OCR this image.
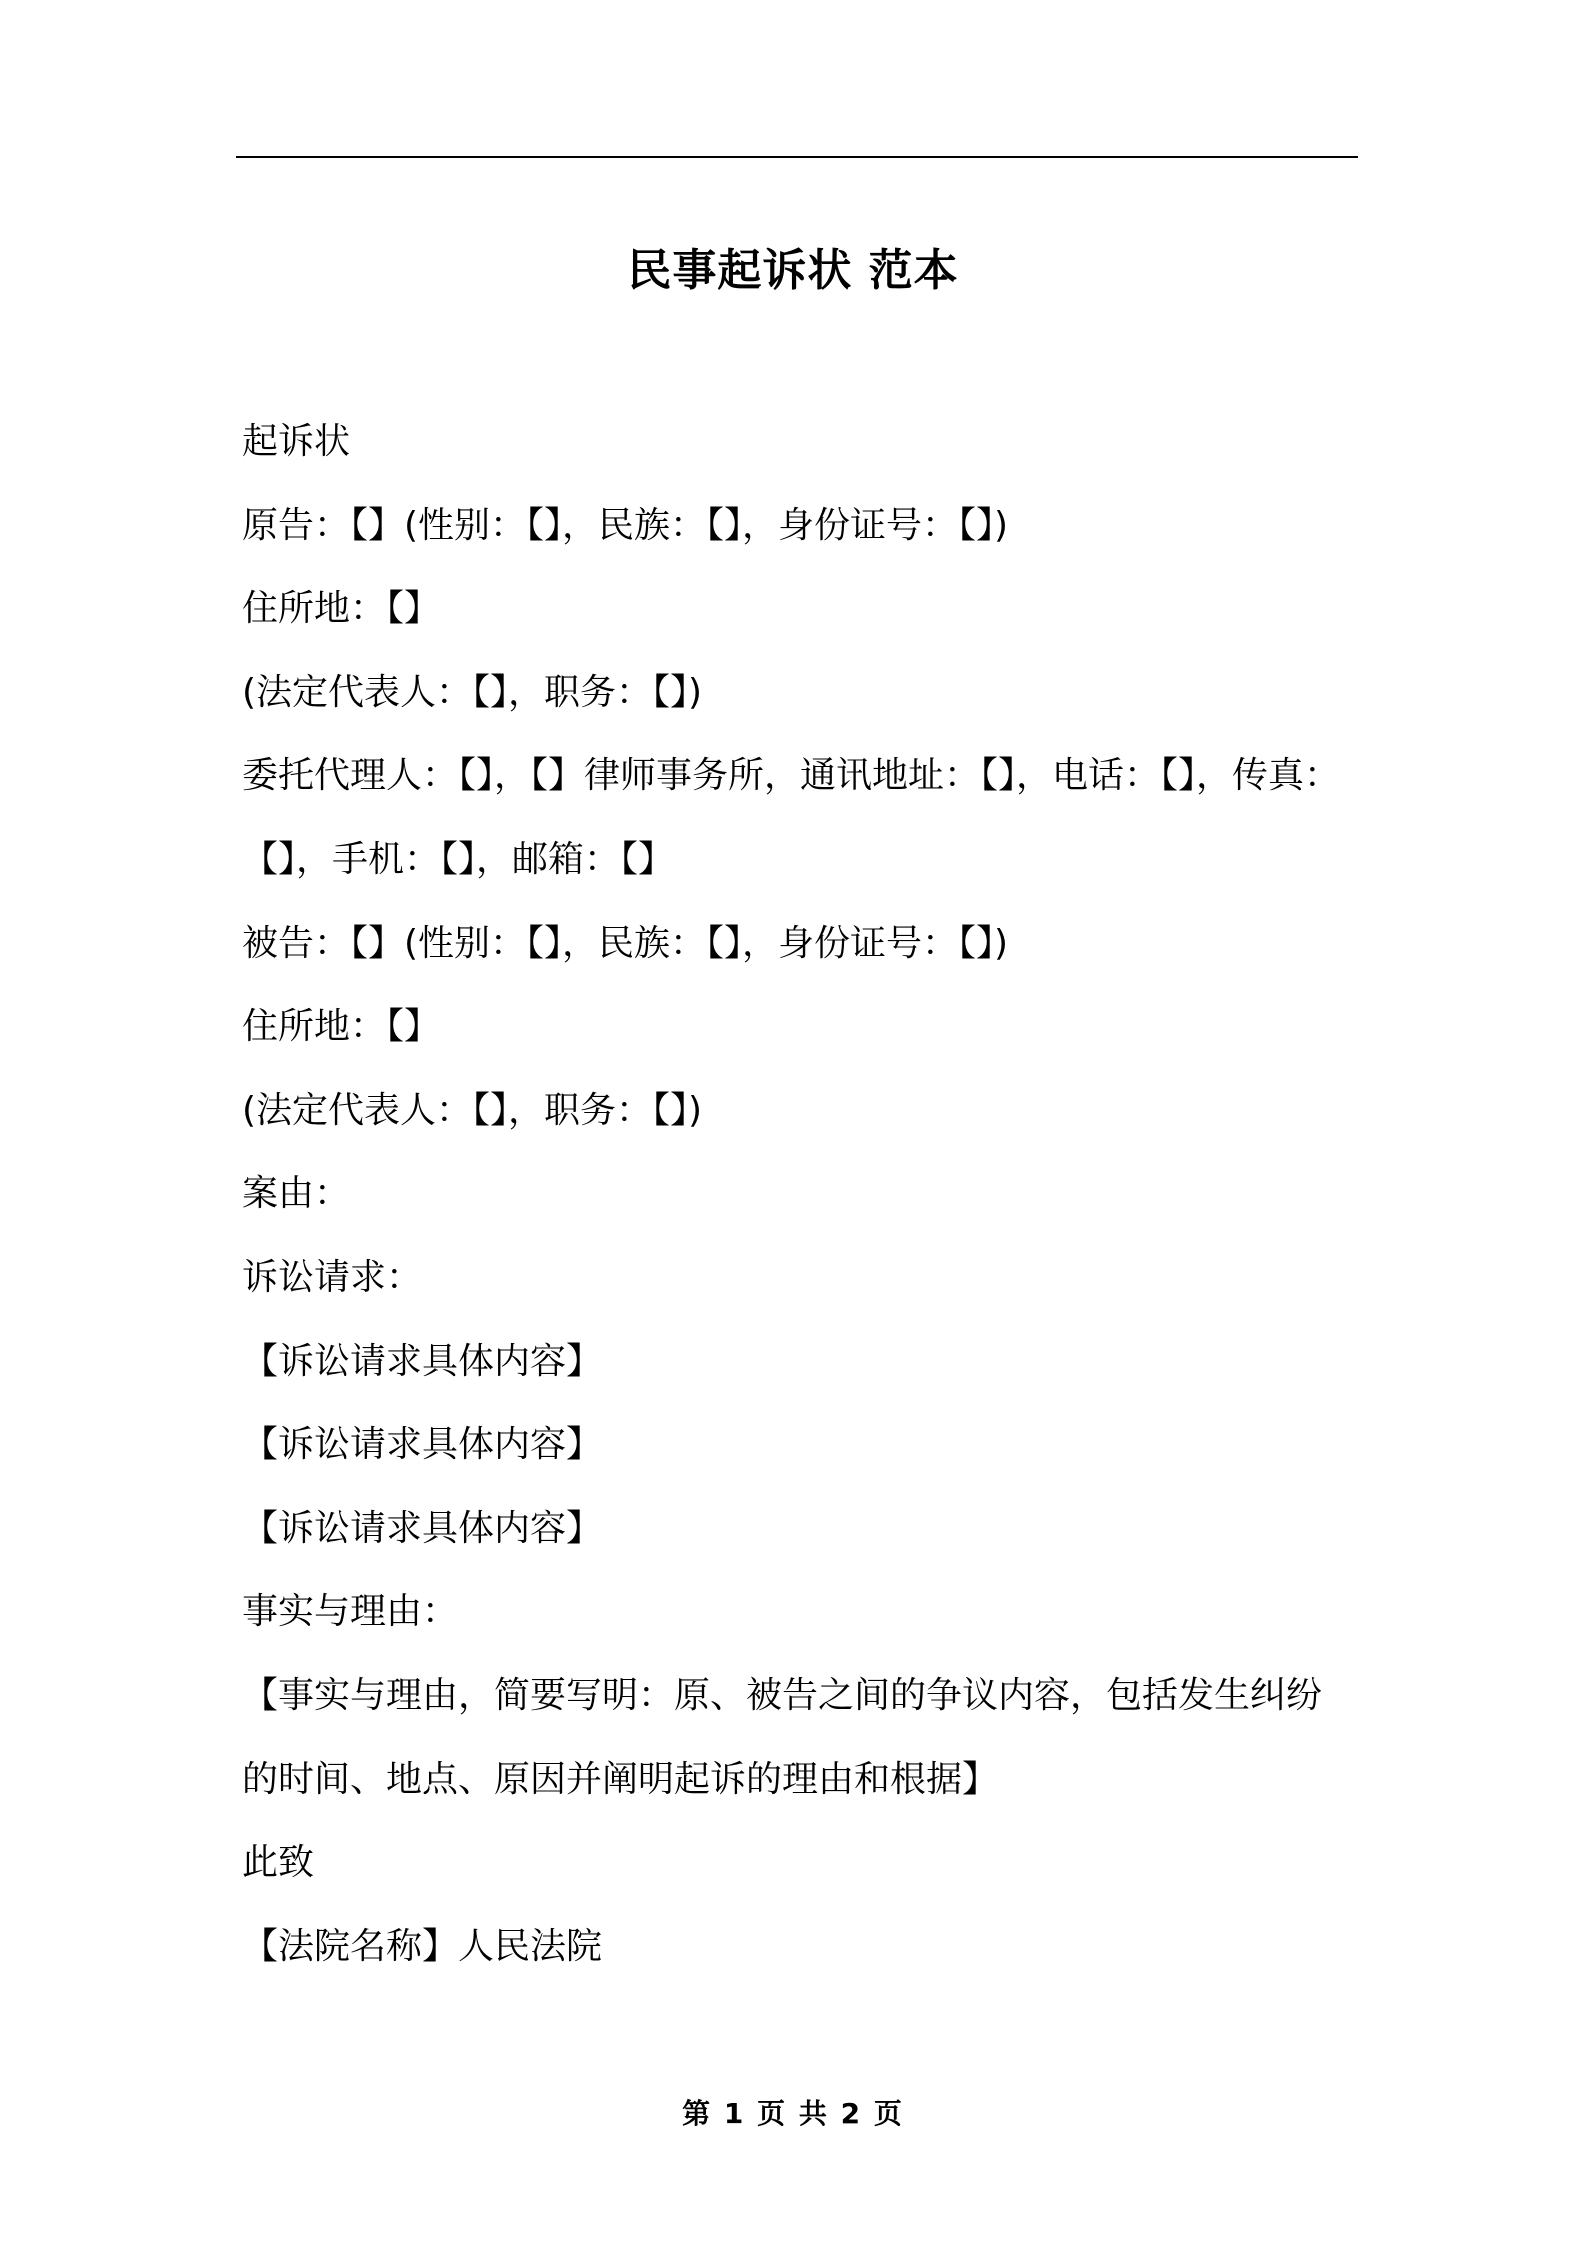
民事起诉状 范本
起诉状
原告：【】(性别：【】，民族：【】，身份证号：【】)
住所地：【】
(法定代表人：【】，职务：【】)
委托代理人：【】，【】律师事务所，通讯地址：【】，电话：【】，传真：
【】，手机：【】，邮箱：【】
被告：【】(性别：【】，民族：【】，身份证号：【】)
住所地：【】
(法定代表人：【】，职务：【】)
案由：
诉讼请求：
【诉讼请求具体内容】
【诉讼请求具体内容】
【诉讼请求具体内容】
事实与理由：
【事实与理由，简要写明：原、被告之间的争议内容，包括发生纠纷
的时间、地点、原因并阐明起诉的理由和根据】
此致
【法院名称】人民法院
第 1 页 共 2 页
